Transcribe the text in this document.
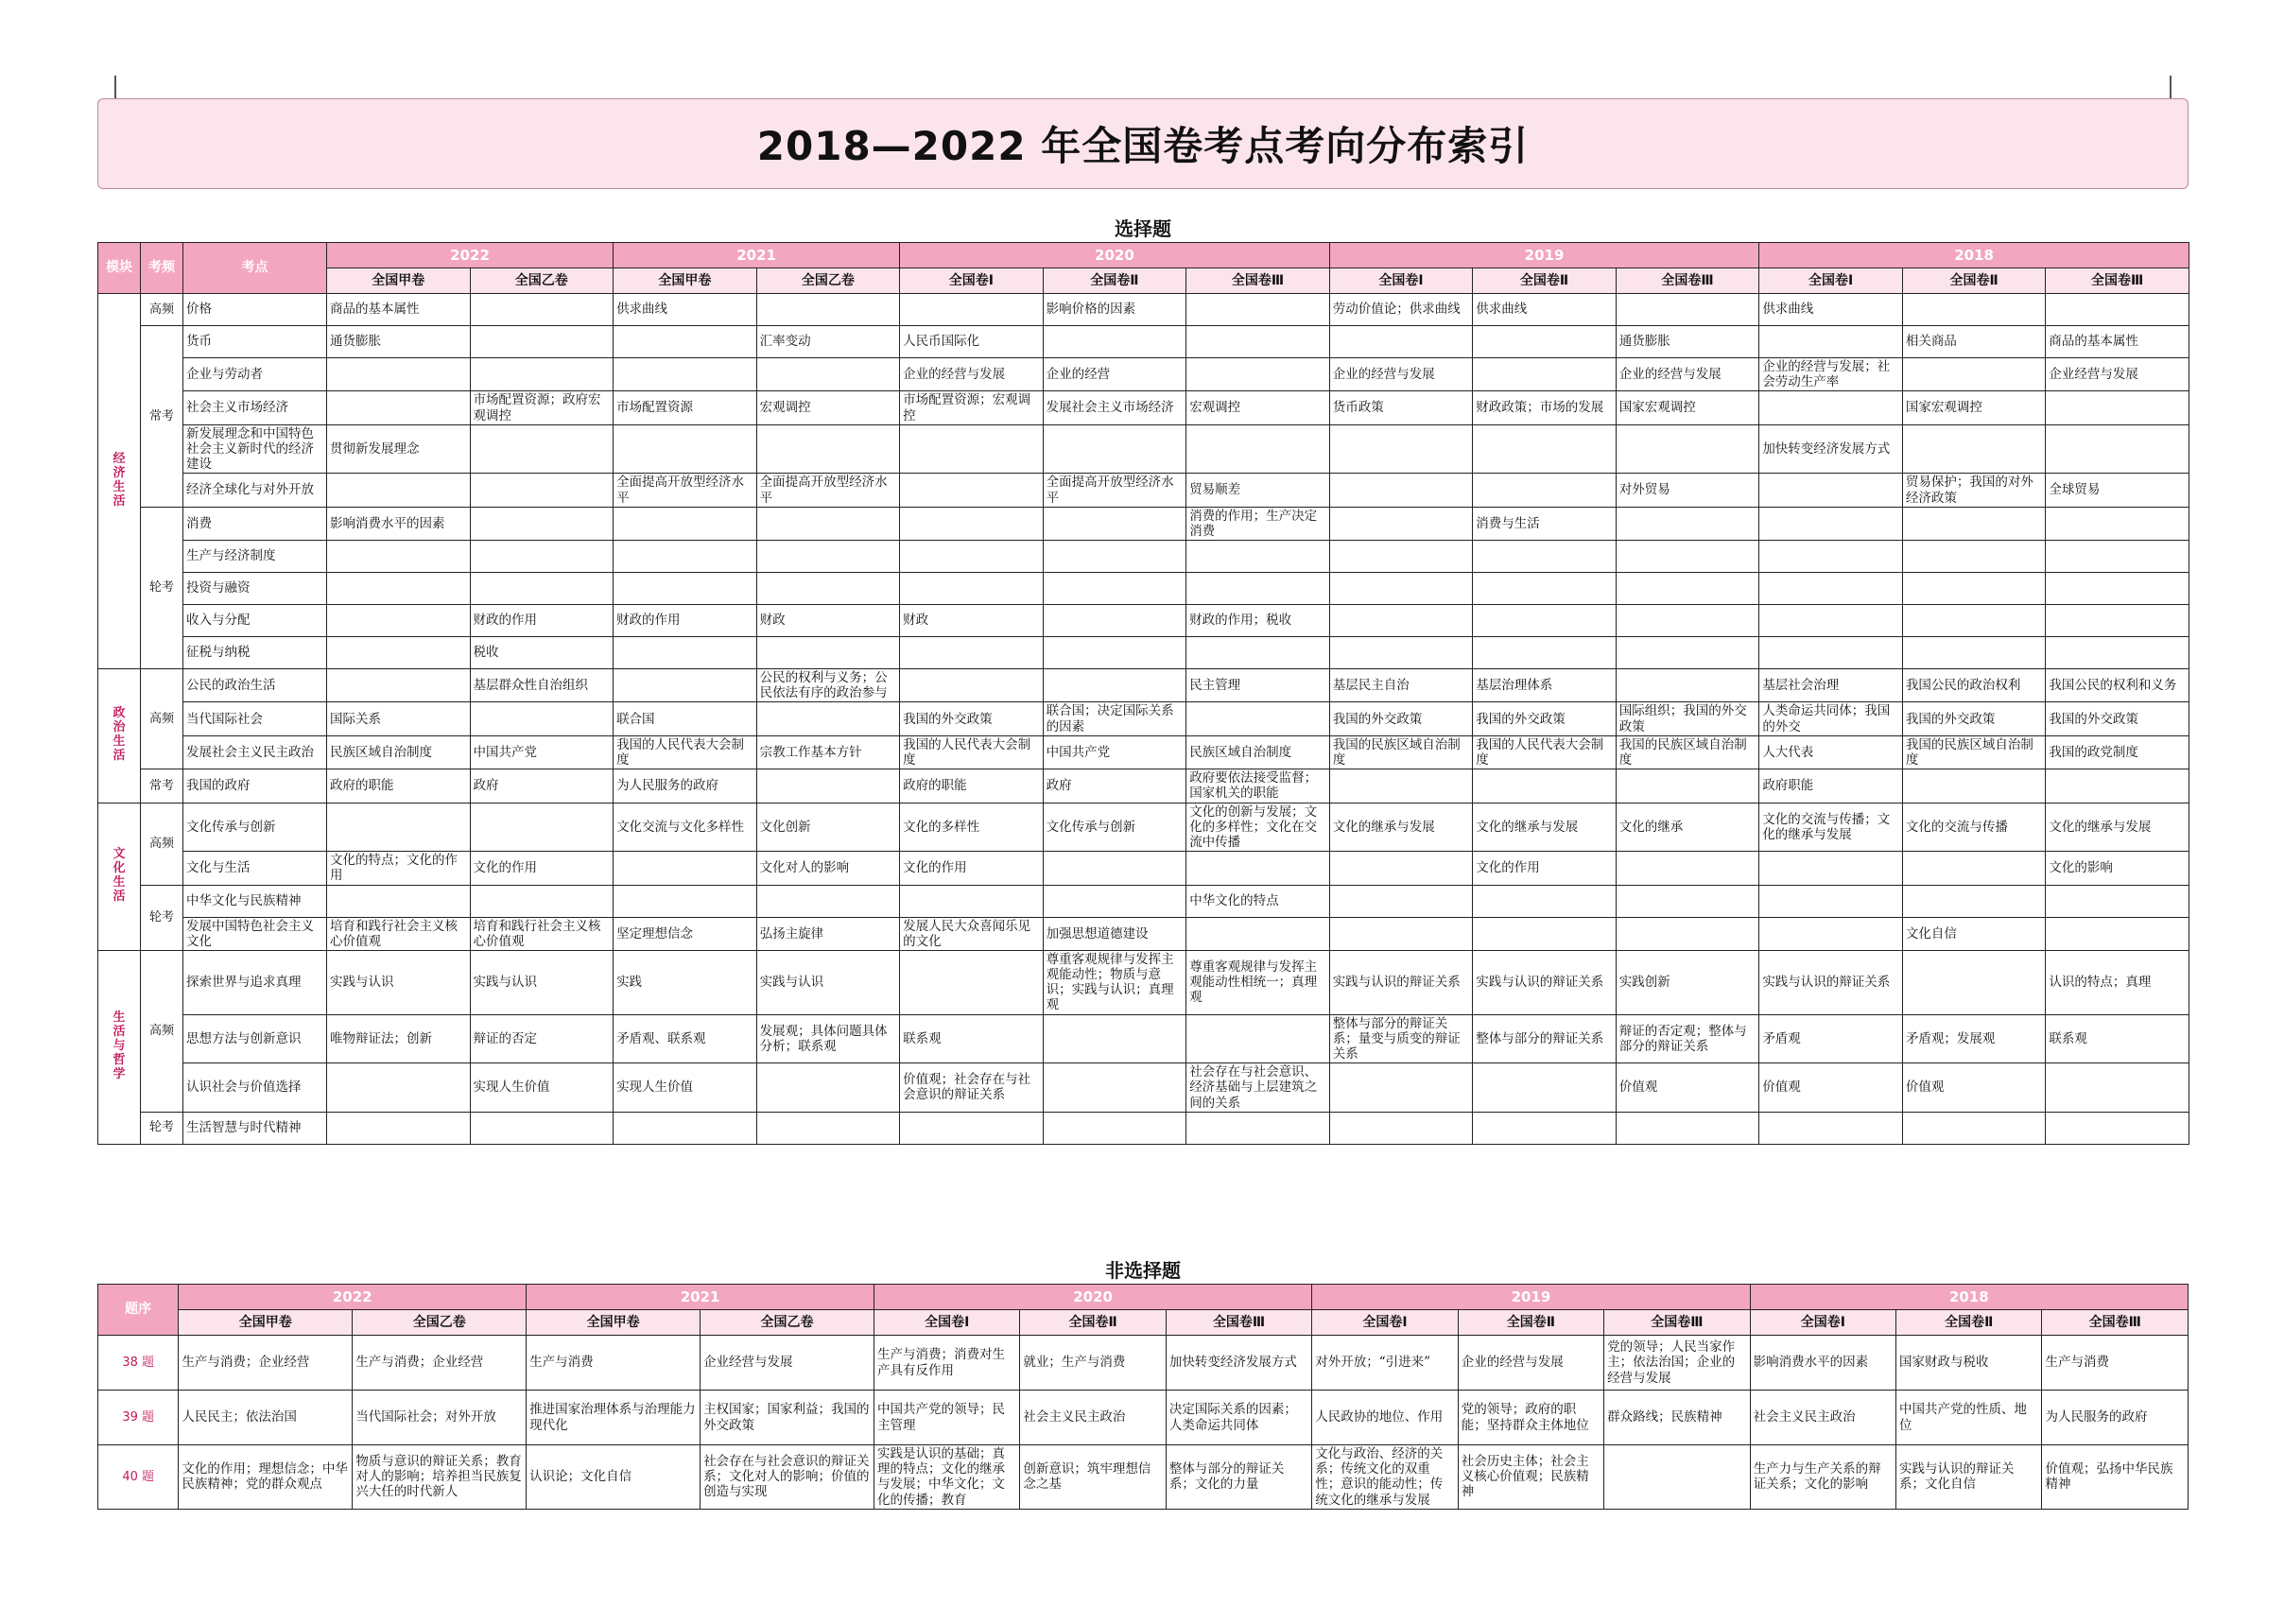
2018—2022 年全国卷考点考向分布索引
选择题
模块	考频	考点	2022		2021		2020			2019			2018		
			全国甲卷	全国乙卷	全国甲卷	全国乙卷	全国卷Ⅰ	全国卷Ⅱ	全国卷Ⅲ	全国卷Ⅰ	全国卷Ⅱ	全国卷Ⅲ	全国卷Ⅰ	全国卷Ⅱ	全国卷Ⅲ
经济生活	高频	价格	商品的基本属性		供求曲线			影响价格的因素		劳动价值论；供求曲线	供求曲线		供求曲线		
	常考	货币	通货膨胀			汇率变动	人民币国际化					通货膨胀		相关商品	商品的基本属性
		企业与劳动者					企业的经营与发展	企业的经营		企业的经营与发展		企业的经营与发展	企业的经营与发展；社会劳动生产率		企业经营与发展
		社会主义市场经济		市场配置资源；政府宏观调控	市场配置资源	宏观调控	市场配置资源；宏观调控	发展社会主义市场经济	宏观调控	货币政策	财政政策；市场的发展	国家宏观调控		国家宏观调控	
		新发展理念和中国特色社会主义新时代的经济建设	贯彻新发展理念										加快转变经济发展方式		
		经济全球化与对外开放			全面提高开放型经济水平	全面提高开放型经济水平		全面提高开放型经济水平	贸易顺差			对外贸易		贸易保护；我国的对外经济政策	全球贸易
	轮考	消费	影响消费水平的因素						消费的作用；生产决定消费		消费与生活				
		生产与经济制度													
		投资与融资													
		收入与分配		财政的作用	财政的作用	财政	财政		财政的作用；税收						
		征税与纳税		税收											
政治生活	高频	公民的政治生活		基层群众性自治组织		公民的权利与义务；公民依法有序的政治参与			民主管理	基层民主自治	基层治理体系		基层社会治理	我国公民的政治权利	我国公民的权利和义务
		当代国际社会	国际关系		联合国		我国的外交政策	联合国；决定国际关系的因素		我国的外交政策	我国的外交政策	国际组织；我国的外交政策	人类命运共同体；我国的外交	我国的外交政策	我国的外交政策
		发展社会主义民主政治	民族区域自治制度	中国共产党	我国的人民代表大会制度	宗教工作基本方针	我国的人民代表大会制度	中国共产党	民族区域自治制度	我国的民族区域自治制度	我国的人民代表大会制度	我国的民族区域自治制度	人大代表	我国的民族区域自治制度	我国的政党制度
	常考	我国的政府	政府的职能	政府	为人民服务的政府		政府的职能	政府	政府要依法接受监督；国家机关的职能				政府职能		
文化生活	高频	文化传承与创新			文化交流与文化多样性	文化创新	文化的多样性	文化传承与创新	文化的创新与发展；文化的多样性；文化在交流中传播	文化的继承与发展	文化的继承与发展	文化的继承	文化的交流与传播；文化的继承与发展	文化的交流与传播	文化的继承与发展
		文化与生活	文化的特点；文化的作用	文化的作用		文化对人的影响	文化的作用				文化的作用				文化的影响
	轮考	中华文化与民族精神							中华文化的特点						
		发展中国特色社会主义文化	培育和践行社会主义核心价值观	培育和践行社会主义核心价值观	坚定理想信念	弘扬主旋律	发展人民大众喜闻乐见的文化	加强思想道德建设						文化自信	
生活与哲学	高频	探索世界与追求真理	实践与认识	实践与认识	实践	实践与认识		尊重客观规律与发挥主观能动性；物质与意识；实践与认识；真理观	尊重客观规律与发挥主观能动性相统一；真理观	实践与认识的辩证关系	实践与认识的辩证关系	实践创新	实践与认识的辩证关系		认识的特点；真理
		思想方法与创新意识	唯物辩证法；创新	辩证的否定	矛盾观、联系观	发展观；具体问题具体分析；联系观	联系观			整体与部分的辩证关系；量变与质变的辩证关系	整体与部分的辩证关系	辩证的否定观；整体与部分的辩证关系	矛盾观	矛盾观；发展观	联系观
		认识社会与价值选择		实现人生价值	实现人生价值		价值观；社会存在与社会意识的辩证关系		社会存在与社会意识、经济基础与上层建筑之间的关系			价值观	价值观	价值观	
	轮考	生活智慧与时代精神													
非选择题
题序	2022		2021		2020			2019			2018		
	全国甲卷	全国乙卷	全国甲卷	全国乙卷	全国卷Ⅰ	全国卷Ⅱ	全国卷Ⅲ	全国卷Ⅰ	全国卷Ⅱ	全国卷Ⅲ	全国卷Ⅰ	全国卷Ⅱ	全国卷Ⅲ
38 题	生产与消费；企业经营	生产与消费；企业经营	生产与消费	企业经营与发展	生产与消费；消费对生产具有反作用	就业；生产与消费	加快转变经济发展方式	对外开放；“引进来”	企业的经营与发展	党的领导；人民当家作主；依法治国；企业的经营与发展	影响消费水平的因素	国家财政与税收	生产与消费
39 题	人民民主；依法治国	当代国际社会；对外开放	推进国家治理体系与治理能力现代化	主权国家；国家利益；我国的外交政策	中国共产党的领导；民主管理	社会主义民主政治	决定国际关系的因素；人类命运共同体	人民政协的地位、作用	党的领导；政府的职能；坚持群众主体地位	群众路线；民族精神	社会主义民主政治	中国共产党的性质、地位	为人民服务的政府
40 题	文化的作用；理想信念；中华民族精神；党的群众观点	物质与意识的辩证关系；教育对人的影响；培养担当民族复兴大任的时代新人	认识论；文化自信	社会存在与社会意识的辩证关系；文化对人的影响；价值的创造与实现	实践是认识的基础；真理的特点；文化的继承与发展；中华文化；文化的传播；教育	创新意识；筑牢理想信念之基	整体与部分的辩证关系；文化的力量	文化与政治、经济的关系；传统文化的双重性；意识的能动性；传统文化的继承与发展	社会历史主体；社会主义核心价值观；民族精神		生产力与生产关系的辩证关系；文化的影响	实践与认识的辩证关系；文化自信	价值观；弘扬中华民族精神
